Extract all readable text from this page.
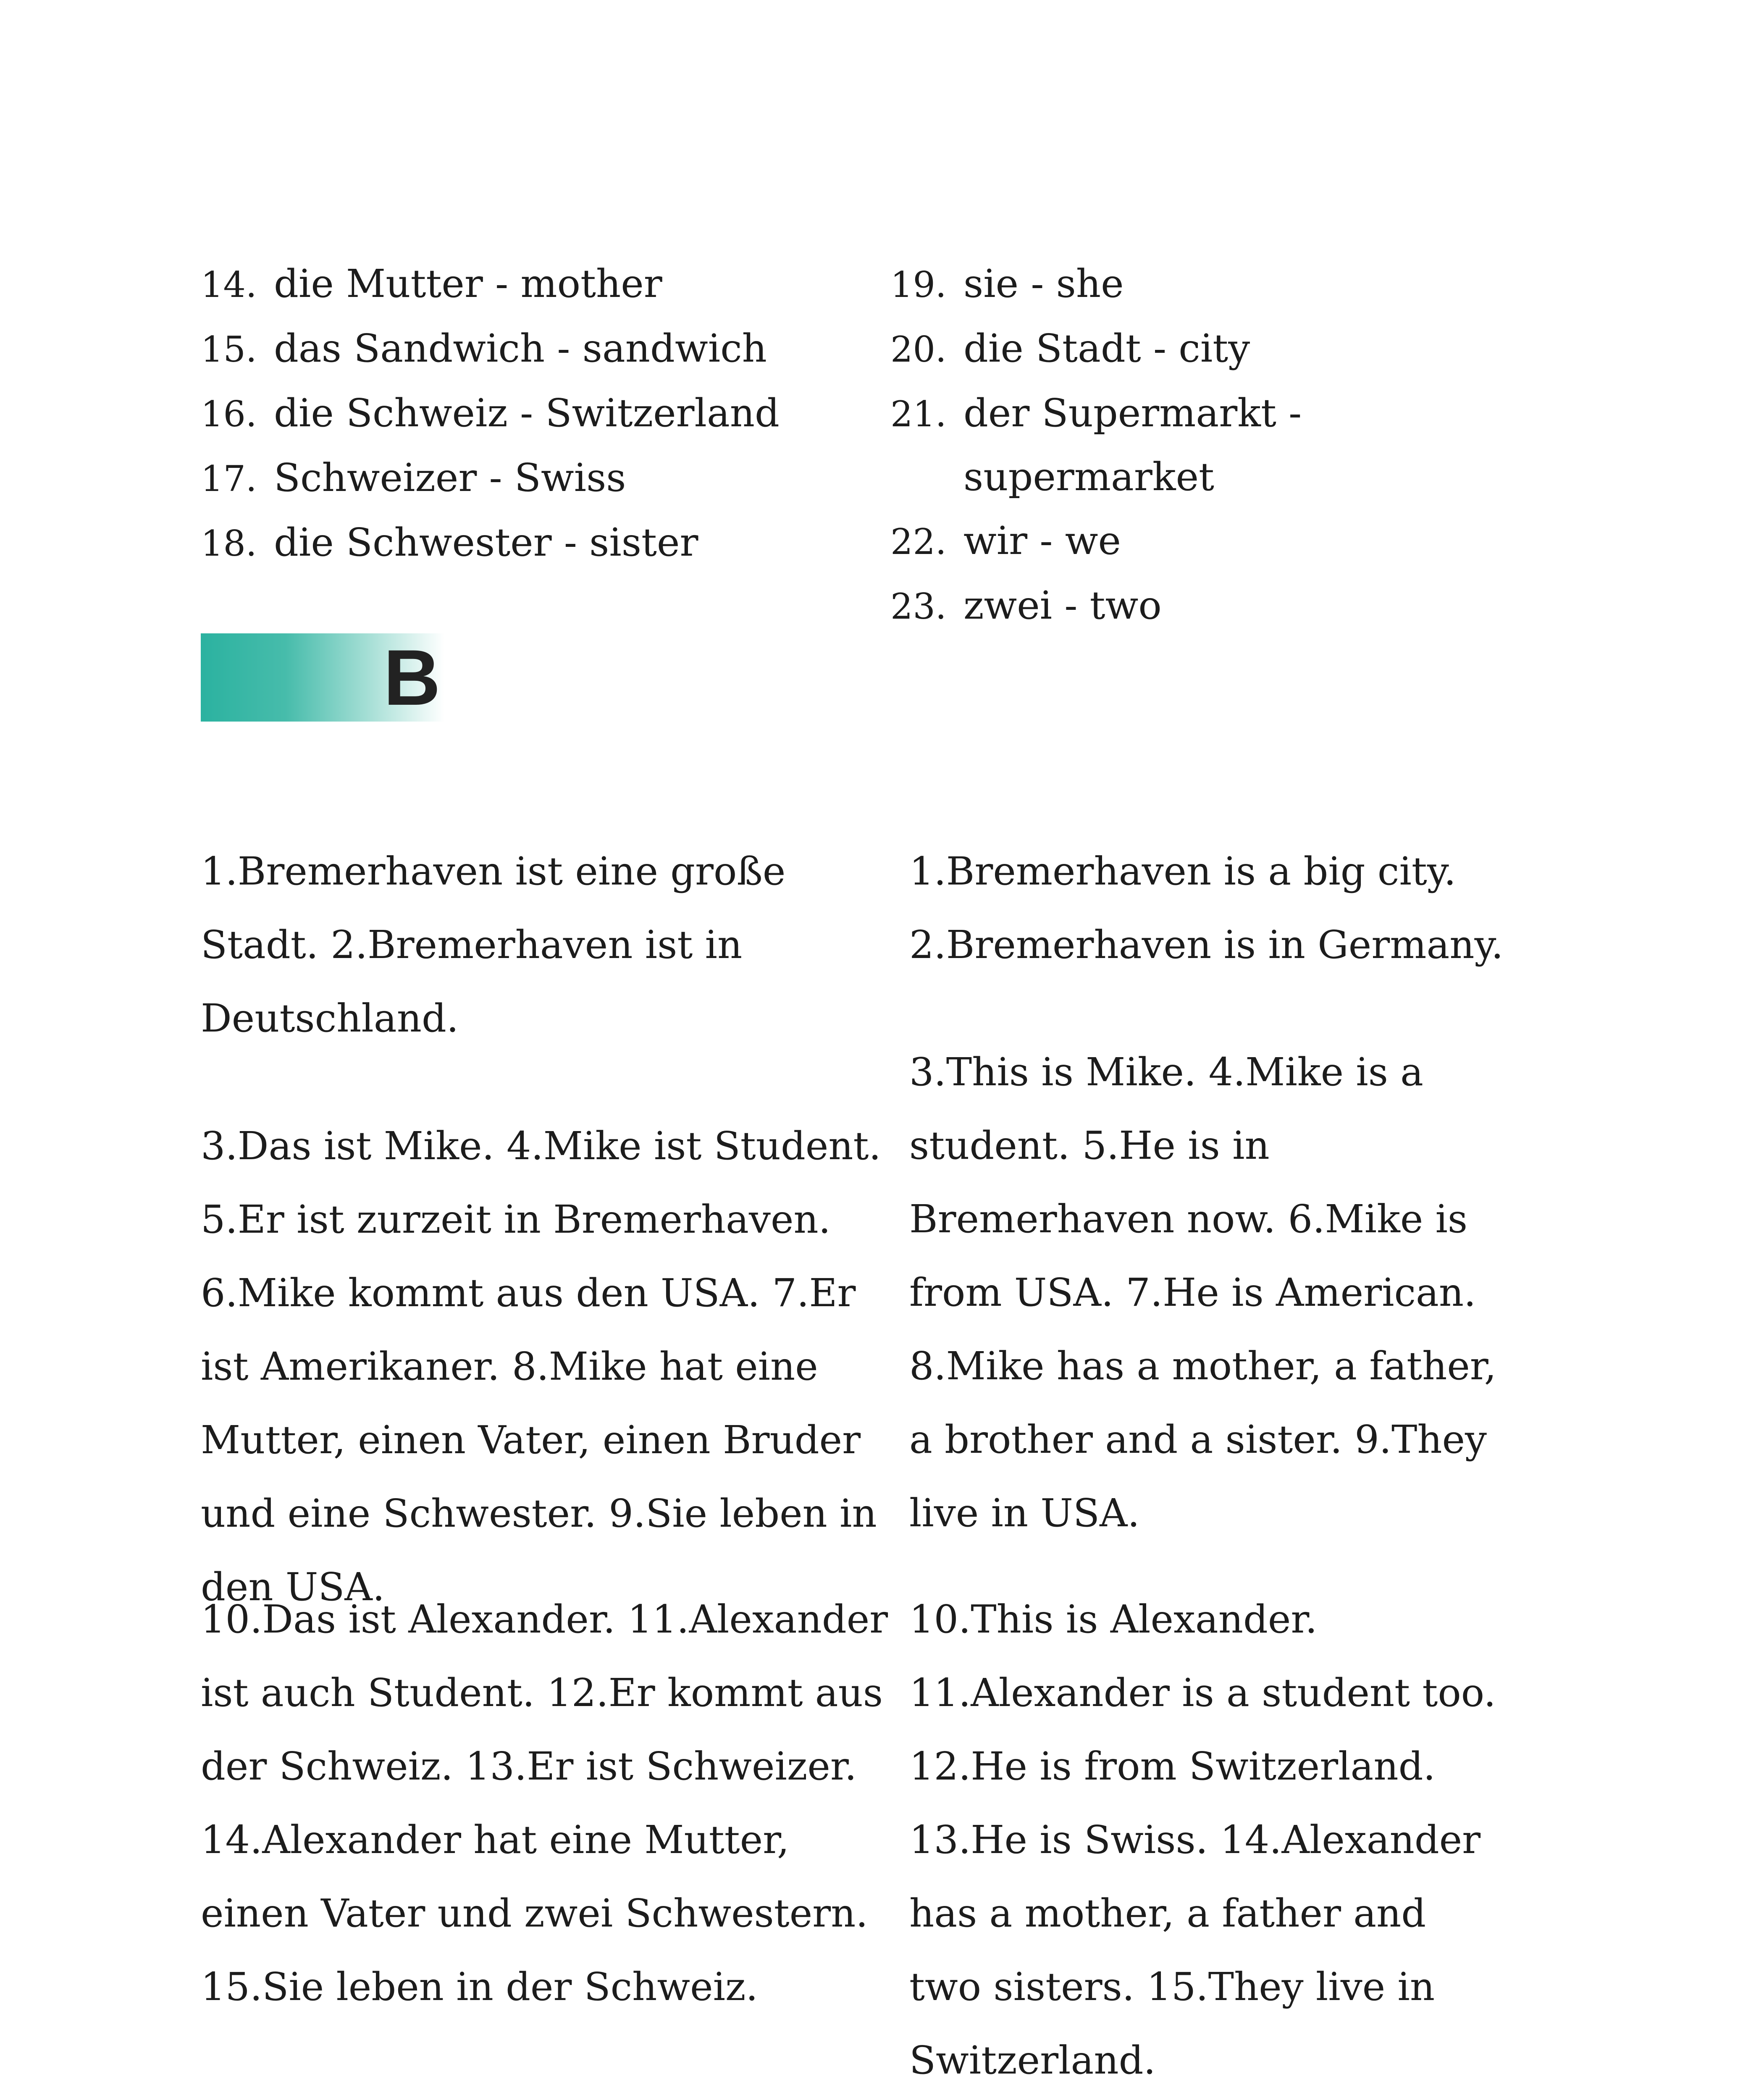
14. die Mutter - mother
15. das Sandwich - sandwich
16. die Schweiz - Switzerland
17. Schweizer - Swiss
18. die Schwester - sister
19. sie - she
20. die Stadt - city
21. der Supermarkt - supermarket
22. wir - we
23. zwei - two
B

1.Bremerhaven ist eine große Stadt. 2.Bremerhaven ist in Deutschland.

3.Das ist Mike. 4.Mike ist Student. 5.Er ist zurzeit in Bremerhaven. 6.Mike kommt aus den USA. 7.Er ist Amerikaner. 8.Mike hat eine Mutter, einen Vater, einen Bruder und eine Schwester. 9.Sie leben in den USA.

10.Das ist Alexander. 11.Alexander ist auch Student. 12.Er kommt aus der Schweiz. 13.Er ist Schweizer. 14.Alexander hat eine Mutter, einen Vater und zwei Schwestern. 15.Sie leben in der Schweiz.

1.Bremerhaven is a big city. 2.Bremerhaven is in Germany.

3.This is Mike. 4.Mike is a student. 5.He is in Bremerhaven now. 6.Mike is from USA. 7.He is American. 8.Mike has a mother, a father, a brother and a sister. 9.They live in USA.

10.This is Alexander. 11.Alexander is a student too. 12.He is from Switzerland. 13.He is Swiss. 14.Alexander has a mother, a father and two sisters. 15.They live in Switzerland.
